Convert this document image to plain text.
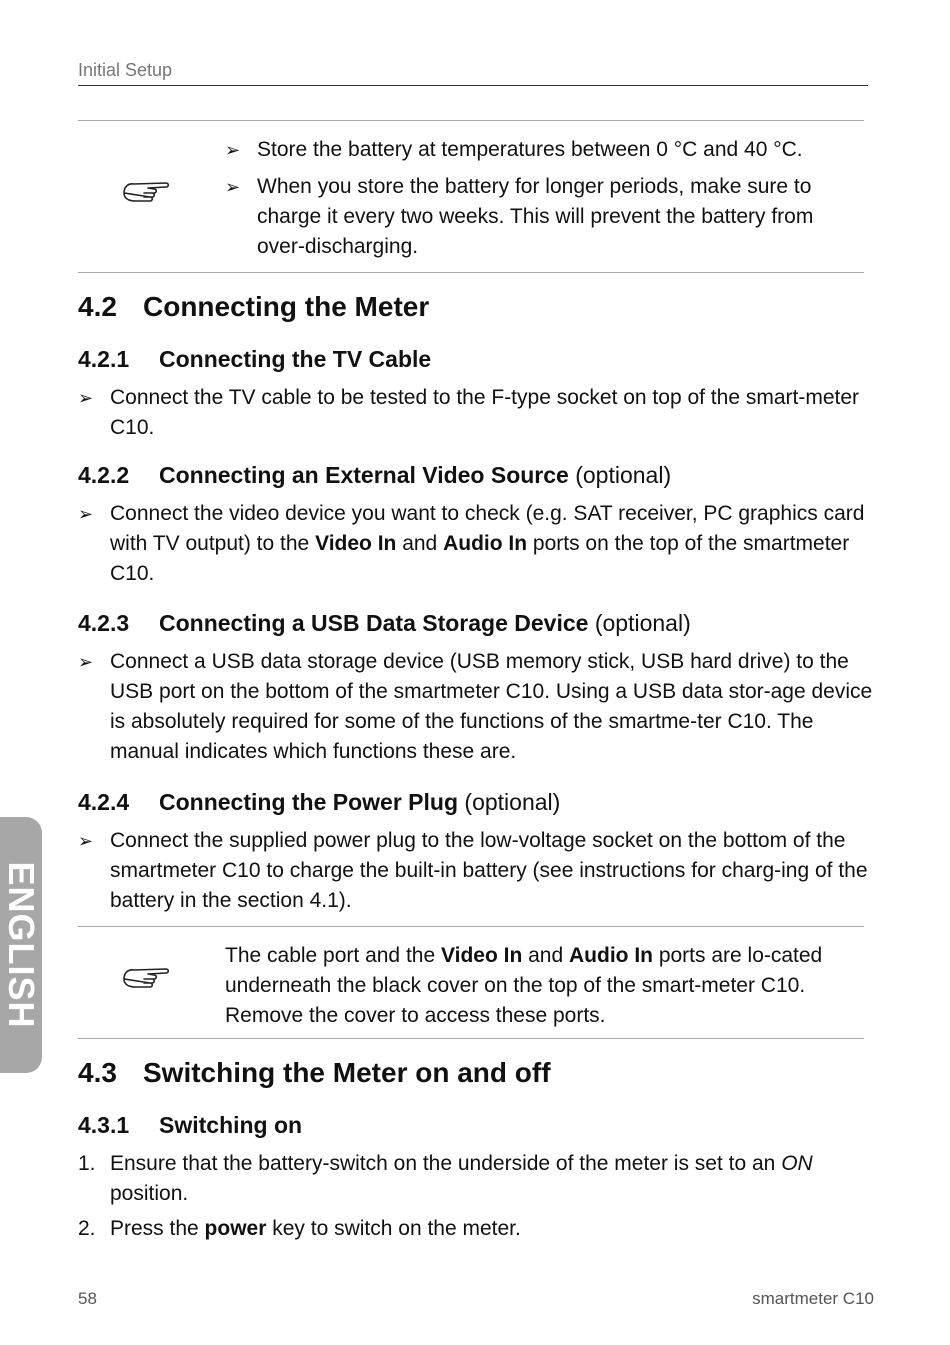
Initial Setup
➢ Store the battery at temperatures between 0 °C and 40 °C.
➢ When you store the battery for longer periods, make sure to charge it every two weeks. This will prevent the battery from over-discharging.
4.2 Connecting the Meter
4.2.1 Connecting the TV Cable
➢ Connect the TV cable to be tested to the F-type socket on top of the smart-meter C10.
4.2.2 Connecting an External Video Source (optional)
➢ Connect the video device you want to check (e.g. SAT receiver, PC graphics card with TV output) to the Video In and Audio In ports on the top of the smartmeter C10.
4.2.3 Connecting a USB Data Storage Device (optional)
➢ Connect a USB data storage device (USB memory stick, USB hard drive) to the USB port on the bottom of the smartmeter C10. Using a USB data stor-age device is absolutely required for some of the functions of the smartme-ter C10. The manual indicates which functions these are.
4.2.4 Connecting the Power Plug (optional)
➢ Connect the supplied power plug to the low-voltage socket on the bottom of the smartmeter C10 to charge the built-in battery (see instructions for charg-ing of the battery in the section 4.1).
The cable port and the Video In and Audio In ports are lo-cated underneath the black cover on the top of the smart-meter C10. Remove the cover to access these ports.
4.3 Switching the Meter on and off
4.3.1 Switching on
1. Ensure that the battery-switch on the underside of the meter is set to an ON position.
2. Press the power key to switch on the meter.
ENGLISH
58	smartmeter C10
